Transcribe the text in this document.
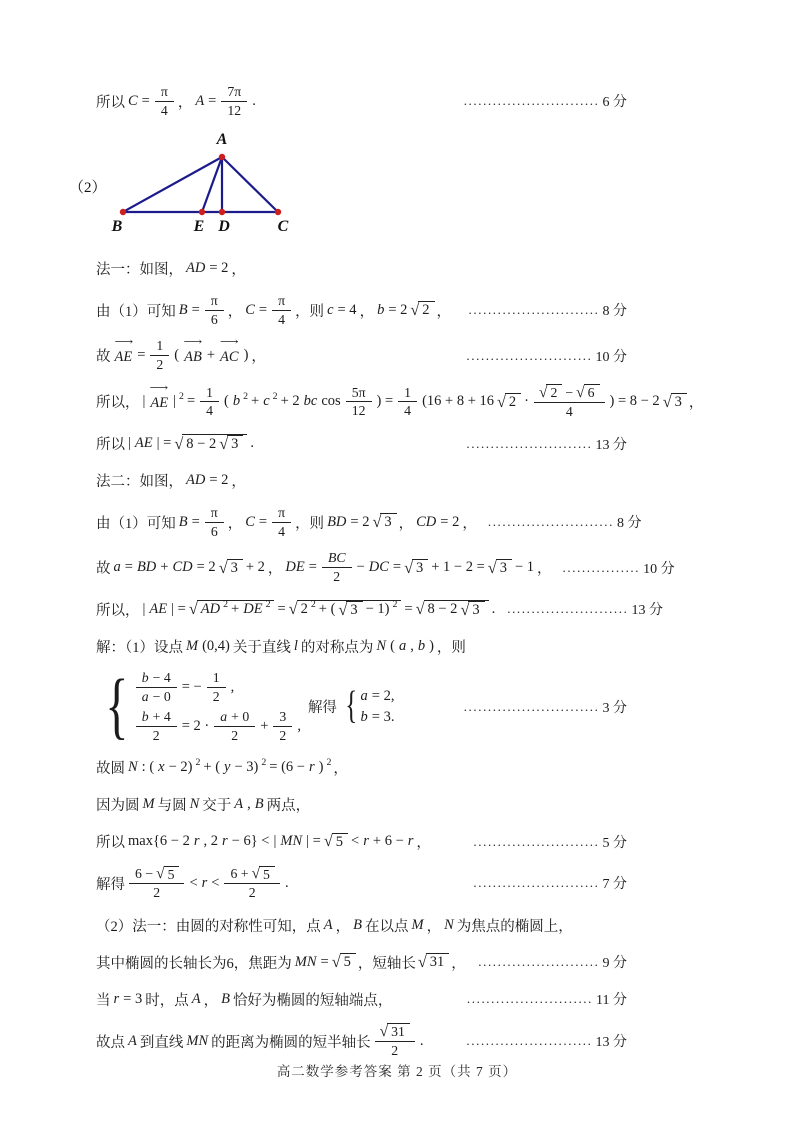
所以 $C = \frac{\pi}{4}$ ， $A = \frac{7\pi}{12}$ .	............................ 6 分
A
B	E D	C
（2）
法一：如图， AD = 2 ，
由（1）可知 $B = \frac{\pi}{6}$ ， $C = \frac{\pi}{4}$ ，则 c = 4 ， b = 2 √ 2 ， ........................... 8 分
故
⟶
AE = $\frac{1}{2}$ (
⟶
AB +
⟶
AC ) ，	.......................... 10 分
所以， |
⟶
AE | $^2 = \frac{1}{4}$ ( b $^2$ + c $^2$ + 2 bc $\cos \frac{5\pi}{12}$ ) = $\frac{1}{4} (16 + 8 + 16$ √ $2 \cdot \frac{√ 2 - √ 6}{4}$ ) = 8 − 2 √ 3 ，
所以 | AE | = √ 8 − 2 √ 3 .	.......................... 13 分
法二：如图， AD = 2 ，
由（1）可知 $B = \frac{\pi}{6}$ ， $C = \frac{\pi}{4}$ ，则 BD = 2 √ 3 ， CD = 2 ， .......................... 8 分
故 a = BD + CD = 2 √ 3 + 2 ， DE = $\frac{BC}{2}$ − DC = √ 3 + 1 − 2 = √ 3 − 1 ， ................ 10 分
所以， | AE | = √ AD $^2$ + DE $^2$ = √ 2 $^2$ + ( √ 3 − 1) $^2$ = √ 8 − 2 √ 3 . ......................... 13 分
解：（1）设点 M (0,4) 关于直线 l 的对称点为 N ( a , b ) ，则
{ $\frac{b - 4}{a - 0}$ = − $\frac{1}{2}$ ,
$\frac{b + 4}{2} = 2 \cdot \frac{a + 0}{2} + \frac{3}{2}$ ,
解得 { a = 2,
b = 3.
............................ 3 分
故圆 N : ( x − 2) $^2$ + ( y − 3) $^2$ = (6 − r ) $^2$ ，
因为圆 M 与圆 N 交于 A , B 两点，
所以 max{6 − 2 r , 2 r − 6} < | MN | = √ 5 < r + 6 − r ，	.......................... 5 分
解得 $\frac{6 - √ 5}{2} < r < \frac{6 + √ 5}{2}$ .	.......................... 7 分
（2）法一：由圆的对称性可知，点 A ， B 在以点 M ， N 为焦点的椭圆上，
其中椭圆的长轴长为6，焦距为 MN = √ 5 ，短轴长 √ 31 ， ......................... 9 分
当 r = 3 时，点 A ， B 恰好为椭圆的短轴端点，	.......................... 11 分
故点 A 到直线 MN 的距离为椭圆的短半轴长 $\frac{√ 31}{2}$ .	.......................... 13 分
高二数学参考答案 第 2 页（共 7 页）
